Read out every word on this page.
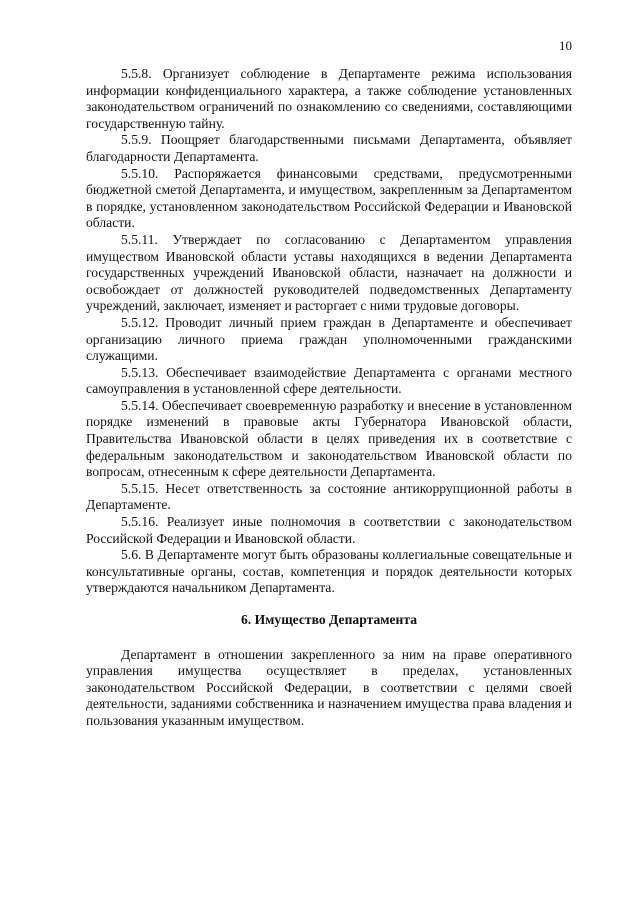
10

5.5.8. Организует соблюдение в Департаменте режима использования информации конфиденциального характера, а также соблюдение установленных законодательством ограничений по ознакомлению со сведениями, составляющими государственную тайну.

5.5.9. Поощряет благодарственными письмами Департамента, объявляет благодарности Департамента.

5.5.10. Распоряжается финансовыми средствами, предусмотренными бюджетной сметой Департамента, и имуществом, закрепленным за Департаментом в порядке, установленном законодательством Российской Федерации и Ивановской области.

5.5.11. Утверждает по согласованию с Департаментом управления имуществом Ивановской области уставы находящихся в ведении Департамента государственных учреждений Ивановской области, назначает на должности и освобождает от должностей руководителей подведомственных Департаменту учреждений, заключает, изменяет и расторгает с ними трудовые договоры.

5.5.12. Проводит личный прием граждан в Департаменте и обеспечивает организацию личного приема граждан уполномоченными гражданскими служащими.

5.5.13. Обеспечивает взаимодействие Департамента с органами местного самоуправления в установленной сфере деятельности.

5.5.14. Обеспечивает своевременную разработку и внесение в установленном порядке изменений в правовые акты Губернатора Ивановской области, Правительства Ивановской области в целях приведения их в соответствие с федеральным законодательством и законодательством Ивановской области по вопросам, отнесенным к сфере деятельности Департамента.

5.5.15. Несет ответственность за состояние антикоррупционной работы в Департаменте.

5.5.16. Реализует иные полномочия в соответствии с законодательством Российской Федерации и Ивановской области.

5.6. В Департаменте могут быть образованы коллегиальные совещательные и консультативные органы, состав, компетенция и порядок деятельности которых утверждаются начальником Департамента.

6. Имущество Департамента

Департамент в отношении закрепленного за ним на праве оперативного управления имущества осуществляет в пределах, установленных законодательством Российской Федерации, в соответствии с целями своей деятельности, заданиями собственника и назначением имущества права владения и пользования указанным имуществом.
